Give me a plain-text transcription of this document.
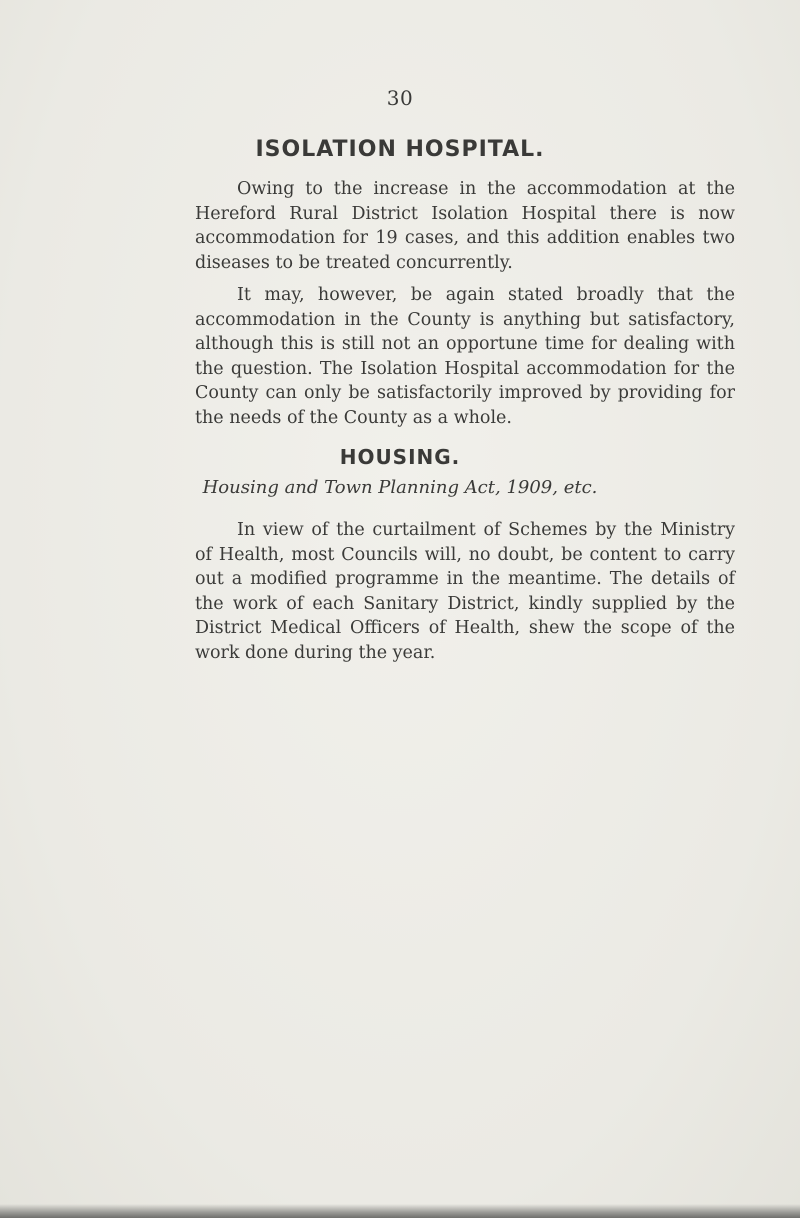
30
ISOLATION HOSPITAL.

Owing to the increase in the accommodation at the Hereford Rural District Isolation Hospital there is now accommodation for 19 cases, and this addition enables two diseases to be treated concurrently.

It may, however, be again stated broadly that the accommodation in the County is anything but satisfactory, although this is still not an opportune time for dealing with the question. The Isolation Hospital accommodation for the County can only be satisfactorily improved by providing for the needs of the County as a whole.

HOUSING.
Housing and Town Planning Act, 1909, etc.

In view of the curtailment of Schemes by the Ministry of Health, most Councils will, no doubt, be content to carry out a modified programme in the meantime. The details of the work of each Sanitary District, kindly supplied by the District Medical Officers of Health, shew the scope of the work done during the year.
